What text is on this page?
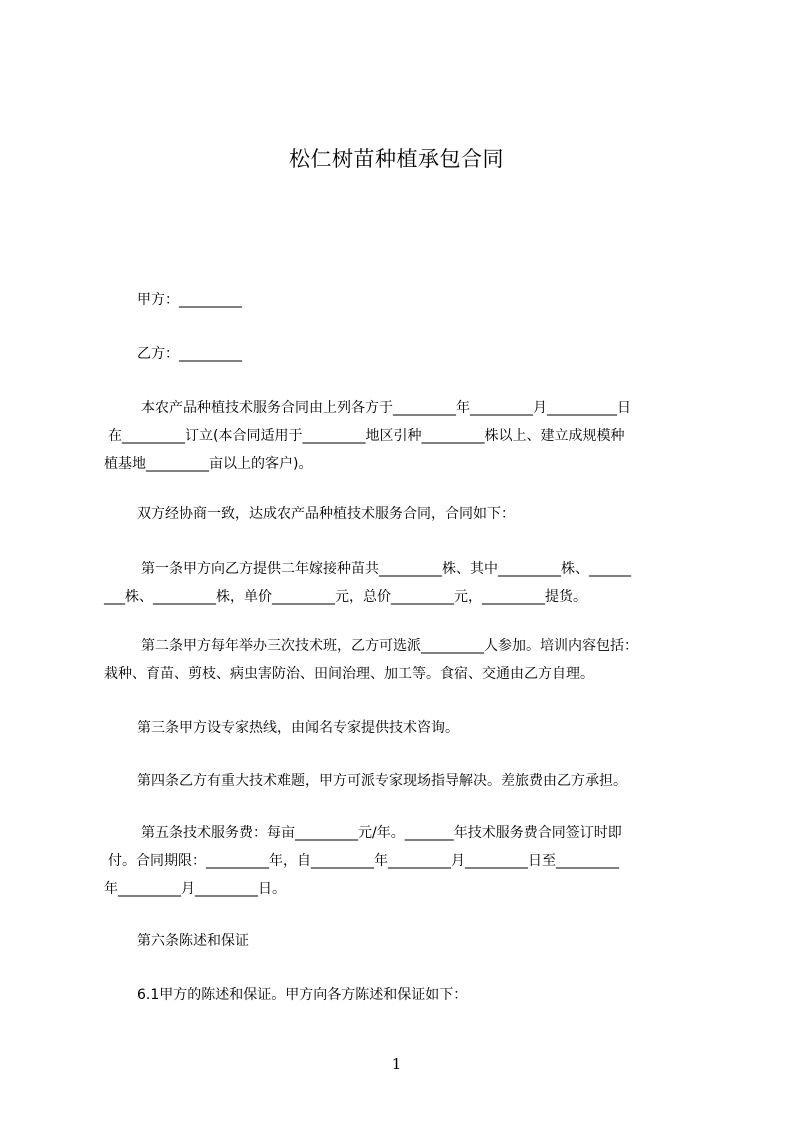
松仁树苗种植承包合同

甲方：_________

乙方：_________

本农产品种植技术服务合同由上列各方于_________年_________月__________日

在_________订立(本合同适用于_________地区引种_________株以上、建立成规模种

植基地_________亩以上的客户)。

双方经协商一致，达成农产品种植技术服务合同，合同如下：

第一条甲方向乙方提供二年嫁接种苗共_________株、其中_________株、______

___株、_________株，单价_________元，总价_________元，_________提货。

第二条甲方每年举办三次技术班，乙方可选派_________人参加。培训内容包括：

栽种、育苗、剪枝、病虫害防治、田间治理、加工等。食宿、交通由乙方自理。

第三条甲方设专家热线，由闻名专家提供技术咨询。

第四条乙方有重大技术难题，甲方可派专家现场指导解决。差旅费由乙方承担。

第五条技术服务费：每亩_________元/年。_______年技术服务费合同签订时即

付。合同期限：_________年，自_________年_________月_________日至_________

年_________月_________日。

第六条陈述和保证

6.1甲方的陈述和保证。甲方向各方陈述和保证如下：

1
